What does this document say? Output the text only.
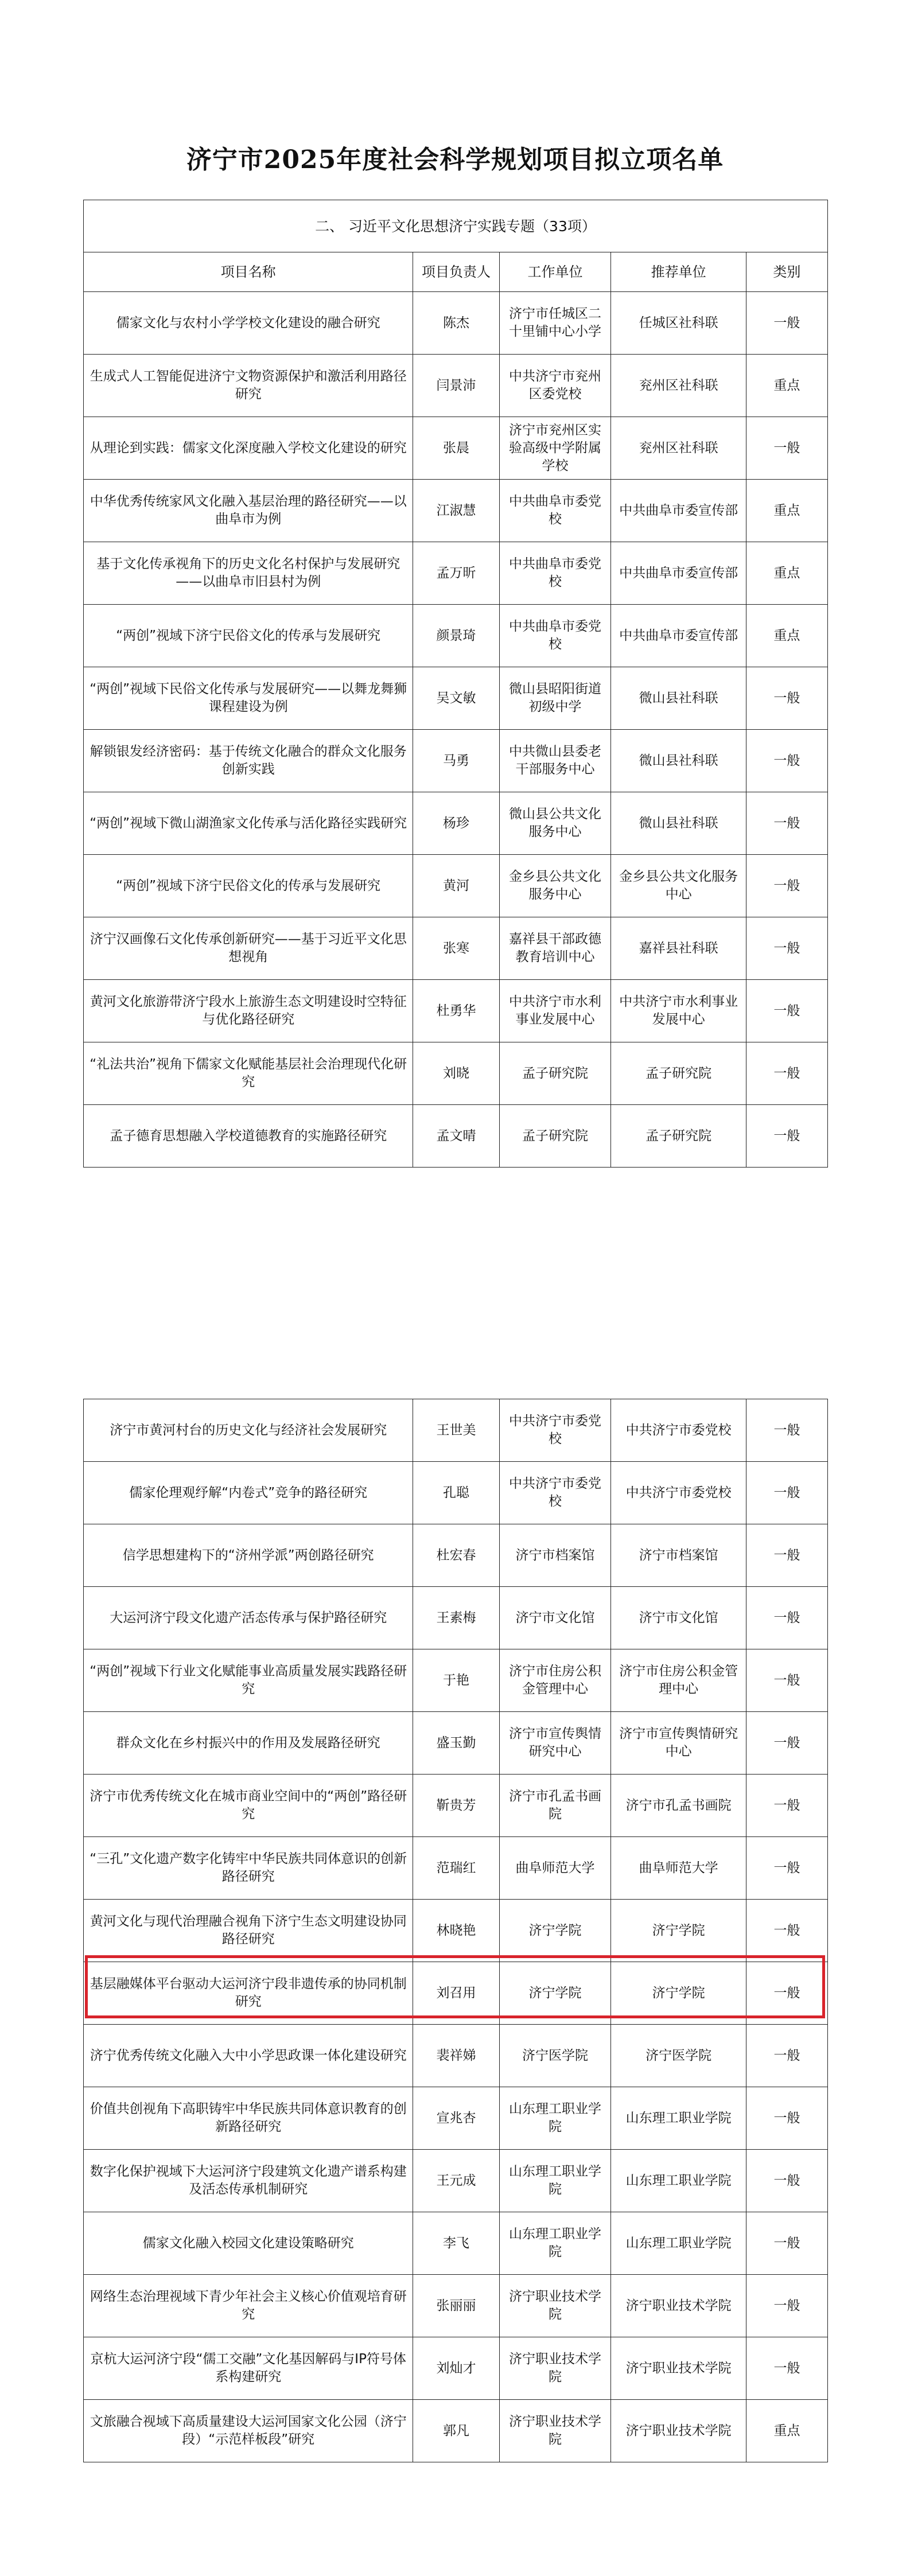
济宁市2025年度社会科学规划项目拟立项名单
二、 习近平文化思想济宁实践专题（33项）				
项目名称	项目负责人	工作单位	推荐单位	类别
儒家文化与农村小学学校文化建设的融合研究	陈杰	济宁市任城区二十里铺中心小学	任城区社科联	一般
生成式人工智能促进济宁文物资源保护和激活利用路径研究	闫景沛	中共济宁市兖州区委党校	兖州区社科联	重点
从理论到实践：儒家文化深度融入学校文化建设的研究	张晨	济宁市兖州区实验高级中学附属学校	兖州区社科联	一般
中华优秀传统家风文化融入基层治理的路径研究——以曲阜市为例	江淑慧	中共曲阜市委党校	中共曲阜市委宣传部	重点
基于文化传承视角下的历史文化名村保护与发展研究——以曲阜市旧县村为例	孟万昕	中共曲阜市委党校	中共曲阜市委宣传部	重点
“两创”视域下济宁民俗文化的传承与发展研究	颜景琦	中共曲阜市委党校	中共曲阜市委宣传部	重点
“两创”视域下民俗文化传承与发展研究——以舞龙舞狮课程建设为例	吴文敏	微山县昭阳街道初级中学	微山县社科联	一般
解锁银发经济密码：基于传统文化融合的群众文化服务创新实践	马勇	中共微山县委老干部服务中心	微山县社科联	一般
“两创”视域下微山湖渔家文化传承与活化路径实践研究	杨珍	微山县公共文化服务中心	微山县社科联	一般
“两创”视域下济宁民俗文化的传承与发展研究	黄河	金乡县公共文化服务中心	金乡县公共文化服务中心	一般
济宁汉画像石文化传承创新研究——基于习近平文化思想视角	张寒	嘉祥县干部政德教育培训中心	嘉祥县社科联	一般
黄河文化旅游带济宁段水上旅游生态文明建设时空特征与优化路径研究	杜勇华	中共济宁市水利事业发展中心	中共济宁市水利事业发展中心	一般
“礼法共治”视角下儒家文化赋能基层社会治理现代化研究	刘晓	孟子研究院	孟子研究院	一般
孟子德育思想融入学校道德教育的实施路径研究	孟文晴	孟子研究院	孟子研究院	一般
济宁市黄河村台的历史文化与经济社会发展研究	王世美	中共济宁市委党校	中共济宁市委党校	一般
儒家伦理观纾解“内卷式”竞争的路径研究	孔聪	中共济宁市委党校	中共济宁市委党校	一般
信学思想建构下的“济州学派”两创路径研究	杜宏春	济宁市档案馆	济宁市档案馆	一般
大运河济宁段文化遗产活态传承与保护路径研究	王素梅	济宁市文化馆	济宁市文化馆	一般
“两创”视域下行业文化赋能事业高质量发展实践路径研究	于艳	济宁市住房公积金管理中心	济宁市住房公积金管理中心	一般
群众文化在乡村振兴中的作用及发展路径研究	盛玉勤	济宁市宣传舆情研究中心	济宁市宣传舆情研究中心	一般
济宁市优秀传统文化在城市商业空间中的“两创”路径研究	靳贵芳	济宁市孔孟书画院	济宁市孔孟书画院	一般
“三孔”文化遗产数字化铸牢中华民族共同体意识的创新路径研究	范瑞红	曲阜师范大学	曲阜师范大学	一般
黄河文化与现代治理融合视角下济宁生态文明建设协同路径研究	林晓艳	济宁学院	济宁学院	一般
基层融媒体平台驱动大运河济宁段非遗传承的协同机制研究	刘召用	济宁学院	济宁学院	一般
济宁优秀传统文化融入大中小学思政课一体化建设研究	裴祥娣	济宁医学院	济宁医学院	一般
价值共创视角下高职铸牢中华民族共同体意识教育的创新路径研究	宣兆杏	山东理工职业学院	山东理工职业学院	一般
数字化保护视域下大运河济宁段建筑文化遗产谱系构建及活态传承机制研究	王元成	山东理工职业学院	山东理工职业学院	一般
儒家文化融入校园文化建设策略研究	李飞	山东理工职业学院	山东理工职业学院	一般
网络生态治理视域下青少年社会主义核心价值观培育研究	张丽丽	济宁职业技术学院	济宁职业技术学院	一般
京杭大运河济宁段“儒工交融”文化基因解码与IP符号体系构建研究	刘灿才	济宁职业技术学院	济宁职业技术学院	一般
文旅融合视域下高质量建设大运河国家文化公园（济宁段）“示范样板段”研究	郭凡	济宁职业技术学院	济宁职业技术学院	重点
